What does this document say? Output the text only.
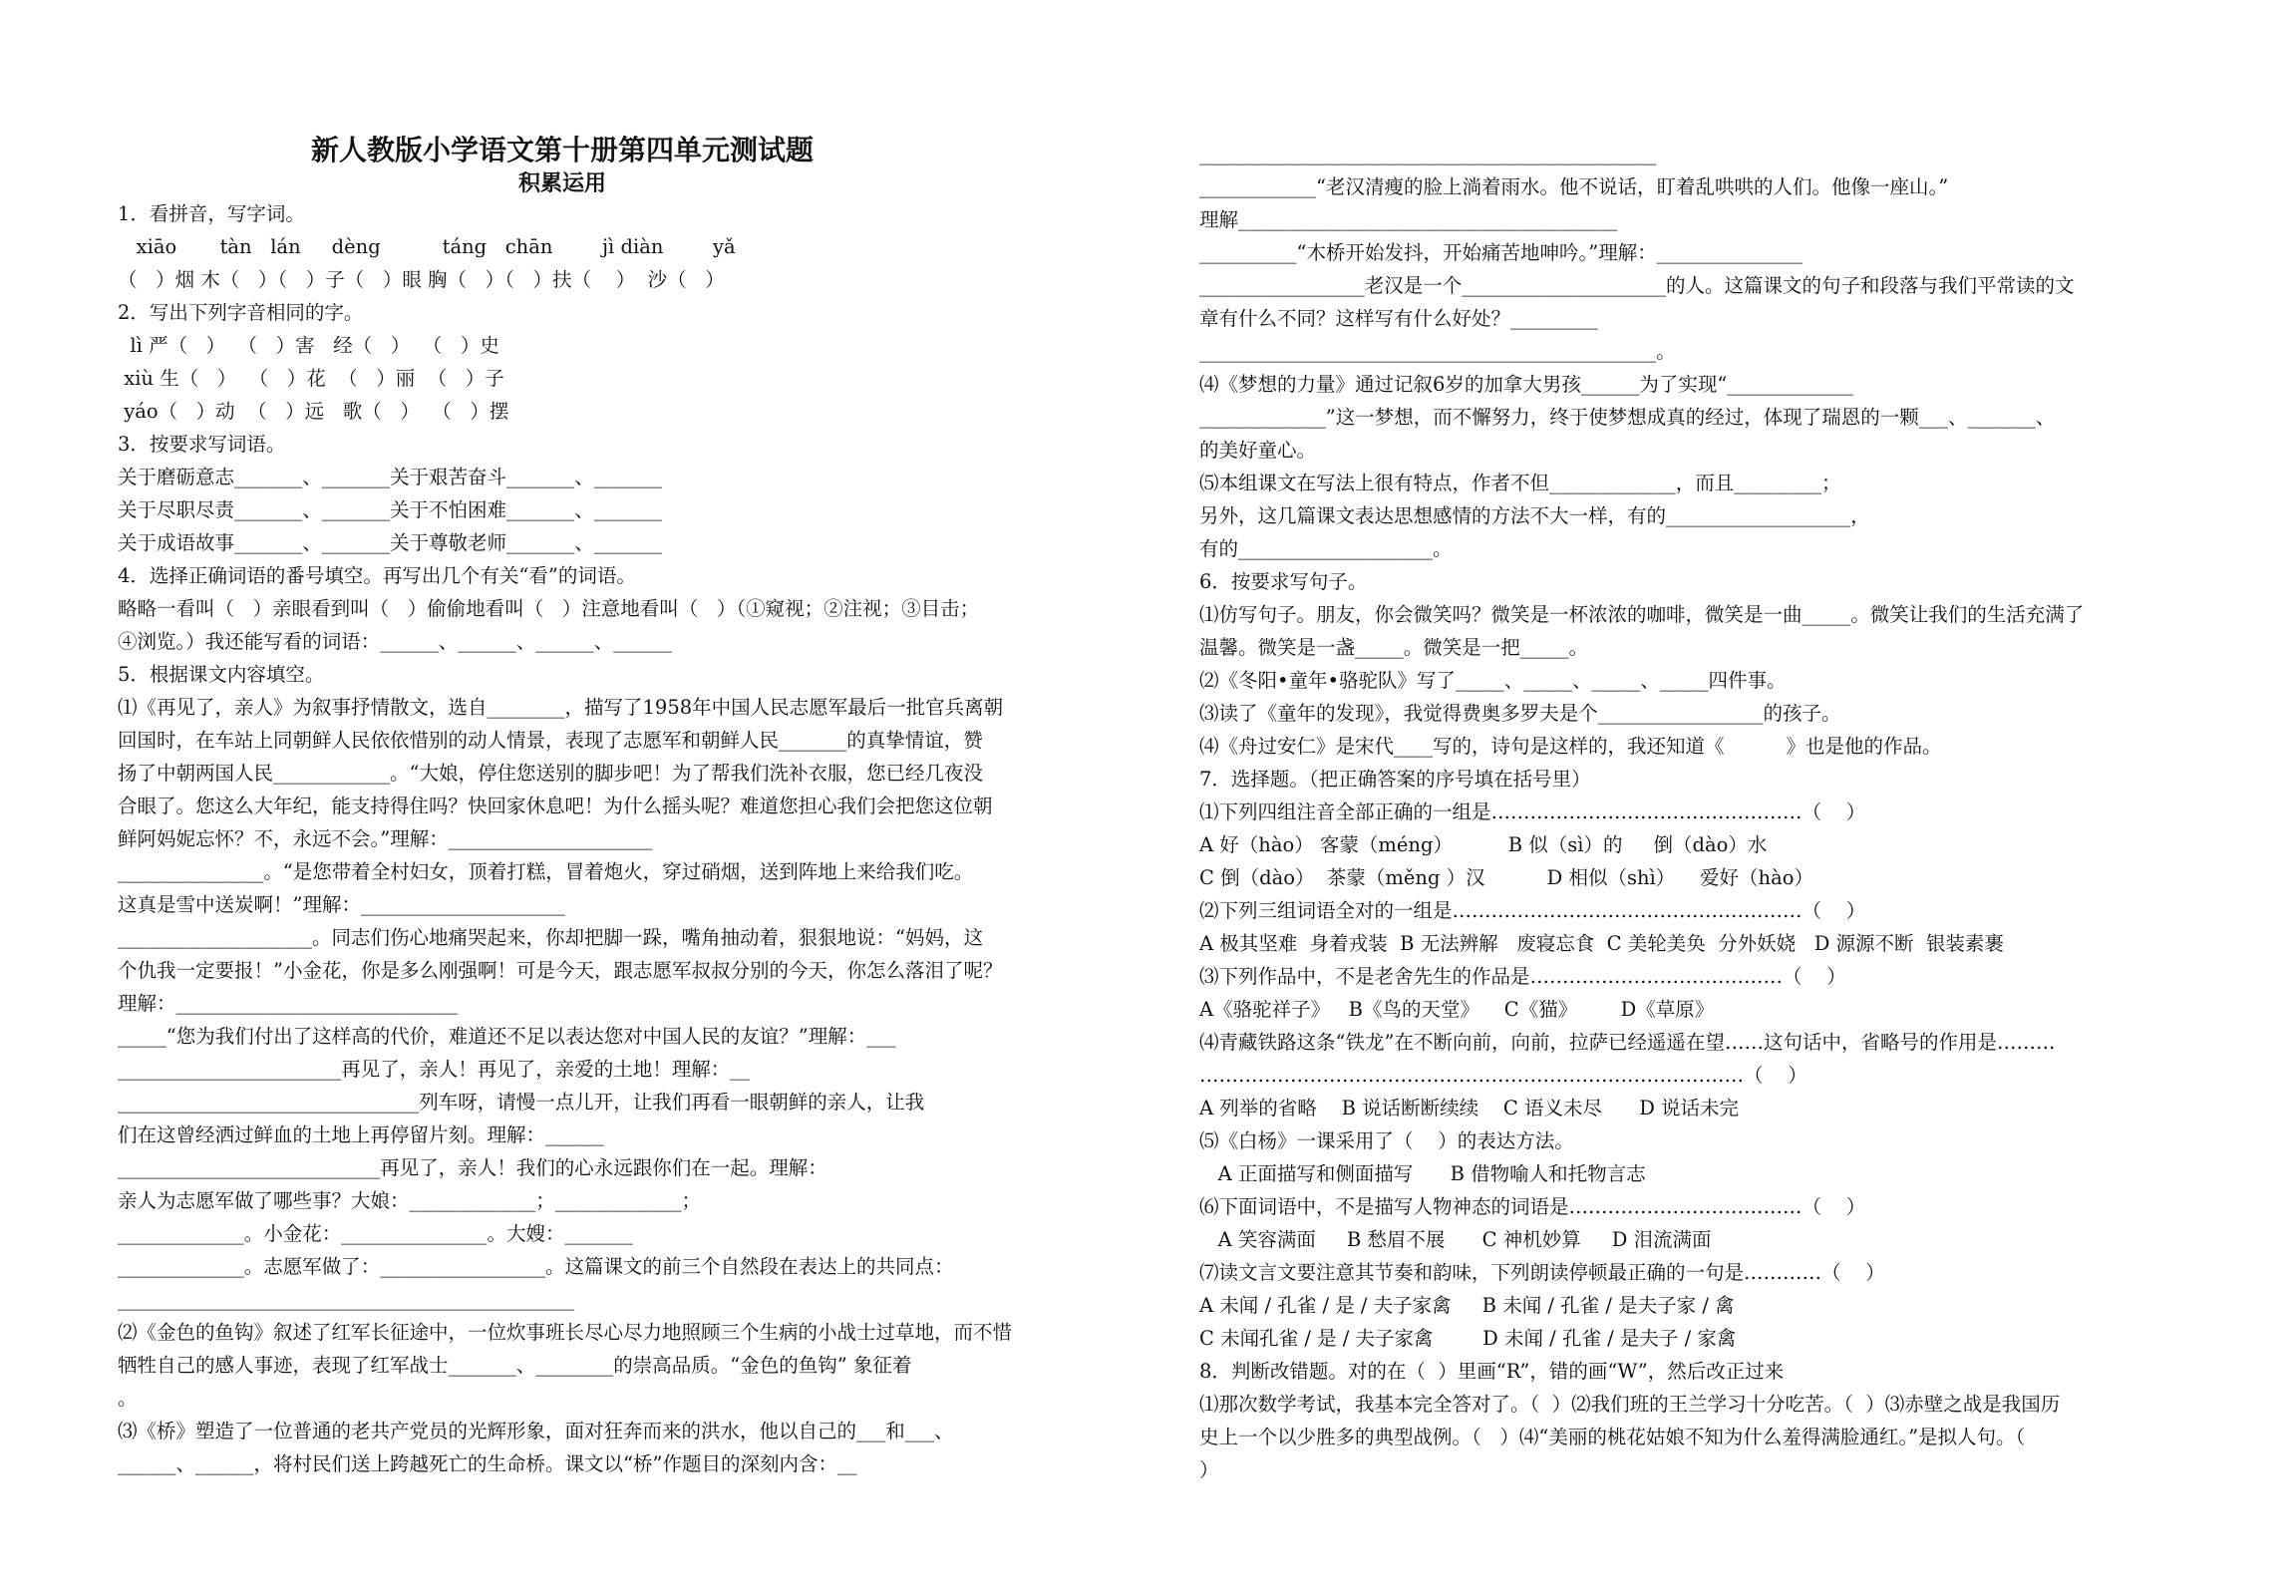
新人教版小学语文第十册第四单元测试题
积累运用
1．看拼音，写字词。
xiāo       tàn   lán     dèng          táng   chān        jì diàn        yǎ
（   ）烟 木（   ）（   ）子（   ）眼 胸（   ）（   ）扶（    ）  沙（   ）
2．写出下列字音相同的字。
lì 严（   ）  （   ）害   经（   ）  （   ）史
xiù 生（   ）  （   ）花  （   ）丽  （   ）子
yáo（   ）动  （   ）远   歌（   ）  （   ）摆
3．按要求写词语。
关于磨砺意志_______、_______关于艰苦奋斗_______、_______
关于尽职尽责_______、_______关于不怕困难_______、_______
关于成语故事_______、_______关于尊敬老师_______、_______
4．选择正确词语的番号填空。再写出几个有关“看”的词语。
略略一看叫（   ）亲眼看到叫（   ）偷偷地看叫（   ）注意地看叫（   ）（①窥视；②注视；③目击；
④浏览。）我还能写看的词语：______、______、______、______
5．根据课文内容填空。
⑴《再见了，亲人》为叙事抒情散文，选自________，描写了1958年中国人民志愿军最后一批官兵离朝
回国时，在车站上同朝鲜人民依依惜别的动人情景，表现了志愿军和朝鲜人民_______的真挚情谊，赞
扬了中朝两国人民____________。“大娘，停住您送别的脚步吧！为了帮我们洗补衣服，您已经几夜没
合眼了。您这么大年纪，能支持得住吗？快回家休息吧！为什么摇头呢？难道您担心我们会把您这位朝
鲜阿妈妮忘怀？不，永远不会。”理解：_____________________
_______________。“是您带着全村妇女，顶着打糕，冒着炮火，穿过硝烟，送到阵地上来给我们吃。
这真是雪中送炭啊！”理解：_____________________
____________________。同志们伤心地痛哭起来，你却把脚一跺，嘴角抽动着，狠狠地说：“妈妈，这
个仇我一定要报！”小金花，你是多么刚强啊！可是今天，跟志愿军叔叔分别的今天，你怎么落泪了呢？
理解：_____________________________
_____“您为我们付出了这样高的代价，难道还不足以表达您对中国人民的友谊？”理解：___
_______________________再见了，亲人！再见了，亲爱的土地！理解：__
_______________________________列车呀，请慢一点儿开，让我们再看一眼朝鲜的亲人，让我
们在这曾经洒过鲜血的土地上再停留片刻。理解：______
___________________________再见了，亲人！我们的心永远跟你们在一起。理解：
亲人为志愿军做了哪些事？大娘：_____________；_____________；
_____________。小金花：_______________。大嫂：_______
_____________。志愿军做了：_________________。这篇课文的前三个自然段在表达上的共同点：
_______________________________________________
⑵《金色的鱼钩》叙述了红军长征途中，一位炊事班长尽心尽力地照顾三个生病的小战士过草地，而不惜
牺牲自己的感人事迹，表现了红军战士_______、________的崇高品质。“金色的鱼钩” 象征着
。
⑶《桥》塑造了一位普通的老共产党员的光辉形象，面对狂奔而来的洪水，他以自己的___和___、
______、______，将村民们送上跨越死亡的生命桥。课文以“桥”作题目的深刻内含：__
_______________________________________________
____________“老汉清瘦的脸上淌着雨水。他不说话，盯着乱哄哄的人们。他像一座山。”
理解_______________________________________
__________“木桥开始发抖，开始痛苦地呻吟。”理解：_______________
_________________老汉是一个_____________________的人。这篇课文的句子和段落与我们平常读的文
章有什么不同？这样写有什么好处？_________
_______________________________________________。
⑷《梦想的力量》通过记叙6岁的加拿大男孩______为了实现“_____________
_____________”这一梦想，而不懈努力，终于使梦想成真的经过，体现了瑞恩的一颗___、_______、
的美好童心。
⑸本组课文在写法上很有特点，作者不但_____________，而且_________；
另外，这几篇课文表达思想感情的方法不大一样，有的___________________，
有的____________________。
6．按要求写句子。
⑴仿写句子。朋友，你会微笑吗？微笑是一杯浓浓的咖啡，微笑是一曲_____。微笑让我们的生活充满了
温馨。微笑是一盏_____。微笑是一把_____。
⑵《冬阳•童年•骆驼队》写了_____、_____、_____、_____四件事。
⑶读了《童年的发现》，我觉得费奥多罗夫是个_________________的孩子。
⑷《舟过安仁》是宋代____写的，诗句是这样的，我还知道《          》也是他的作品。
7．选择题。（把正确答案的序号填在括号里）
⑴下列四组注音全部正确的一组是…………………………………………（    ）
A 好（hào） 客蒙（méng）         B 似（sì）的     倒（dào）水
C 倒（dào）  茶蒙（měng ）汉          D 相似（shì）    爱好（hào）
⑵下列三组词语全对的一组是………………………………………………（    ）
A 极其坚难  身着戎装  B 无法辨解   废寝忘食  C 美轮美奂  分外妖娆   D 源源不断  银装素裹
⑶下列作品中，不是老舍先生的作品是…………………………………（    ）
A《骆驼祥子》   B《鸟的天堂》    C《猫》       D《草原》
⑷青藏铁路这条“铁龙”在不断向前，向前，拉萨已经遥遥在望……这句话中，省略号的作用是………
…………………………………………………………………………（    ）
A 列举的省略    B 说话断断续续    C 语义未尽      D 说话未完
⑸《白杨》一课采用了（    ）的表达方法。
A 正面描写和侧面描写      B 借物喻人和托物言志
⑹下面词语中，不是描写人物神态的词语是………………………………（    ）
A 笑容满面     B 愁眉不展      C 神机妙算     D 泪流满面
⑺读文言文要注意其节奏和韵味，下列朗读停顿最正确的一句是…………（    ）
A 未闻 / 孔雀 / 是 / 夫子家禽     B 未闻 / 孔雀 / 是夫子家 / 禽
C 未闻孔雀 / 是 / 夫子家禽        D 未闻 / 孔雀 / 是夫子 / 家禽
8．判断改错题。对的在（  ）里画“R”，错的画“W”，然后改正过来
⑴那次数学考试，我基本完全答对了。（  ）⑵我们班的王兰学习十分吃苦。（  ）⑶赤壁之战是我国历
史上一个以少胜多的典型战例。（   ）⑷“美丽的桃花姑娘不知为什么羞得满脸通红。”是拟人句。（
）
